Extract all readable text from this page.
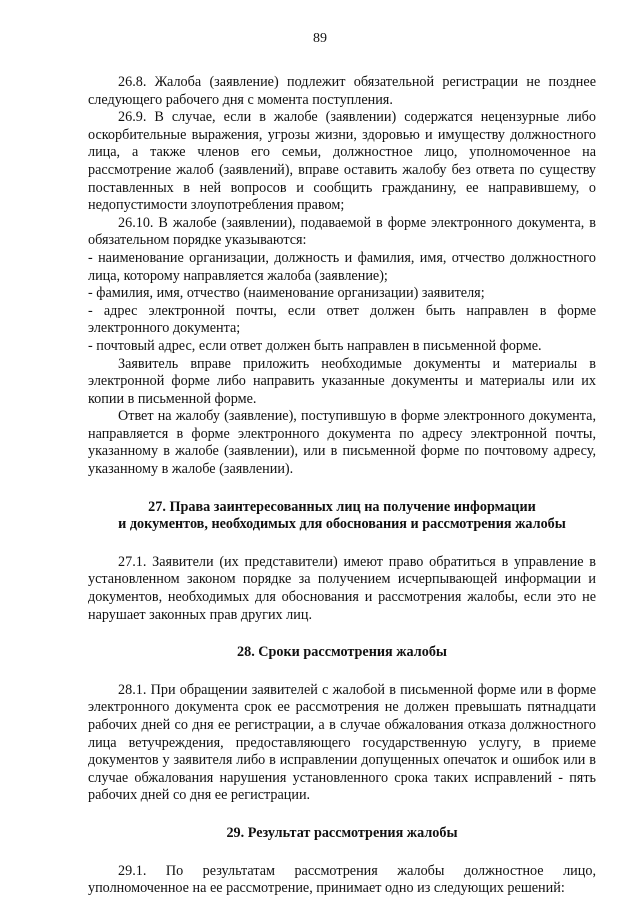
89

26.8. Жалоба (заявление) подлежит обязательной регистрации не позднее следующего рабочего дня с момента поступления.

26.9. В случае, если в жалобе (заявлении) содержатся нецензурные либо оскорбительные выражения, угрозы жизни, здоровью и имуществу должностного лица, а также членов его семьи, должностное лицо, уполномоченное на рассмотрение жалоб (заявлений), вправе оставить жалобу без ответа по существу поставленных в ней вопросов и сообщить гражданину, ее направившему, о недопустимости злоупотребления правом;

26.10. В жалобе (заявлении), подаваемой в форме электронного документа, в обязательном порядке указываются:

- наименование организации, должность и фамилия, имя, отчество должностного лица, которому направляется жалоба (заявление);

- фамилия, имя, отчество (наименование организации) заявителя;

- адрес электронной почты, если ответ должен быть направлен в форме электронного документа;

- почтовый адрес, если ответ должен быть направлен в письменной форме.

Заявитель вправе приложить необходимые документы и материалы в электронной форме либо направить указанные документы и материалы или их копии в письменной форме.

Ответ на жалобу (заявление), поступившую в форме электронного документа, направляется в форме электронного документа по адресу электронной почты, указанному в жалобе (заявлении), или в письменной форме по почтовому адресу, указанному в жалобе (заявлении).

27. Права заинтересованных лиц на получение информации

и документов, необходимых для обоснования и рассмотрения жалобы

27.1. Заявители (их представители) имеют право обратиться в управление в установленном законом порядке за получением исчерпывающей информации и документов, необходимых для обоснования и рассмотрения жалобы, если это не нарушает законных прав других лиц.

28. Сроки рассмотрения жалобы

28.1. При обращении заявителей с жалобой в письменной форме или в форме электронного документа срок ее рассмотрения не должен превышать пятнадцати рабочих дней со дня ее регистрации, а в случае обжалования отказа должностного лица ветучреждения, предоставляющего государственную услугу, в приеме документов у заявителя либо в исправлении допущенных опечаток и ошибок или в случае обжалования нарушения установленного срока таких исправлений - пять рабочих дней со дня ее регистрации.

29. Результат рассмотрения жалобы

29.1. По результатам рассмотрения жалобы должностное лицо, уполномоченное на ее рассмотрение, принимает одно из следующих решений:
